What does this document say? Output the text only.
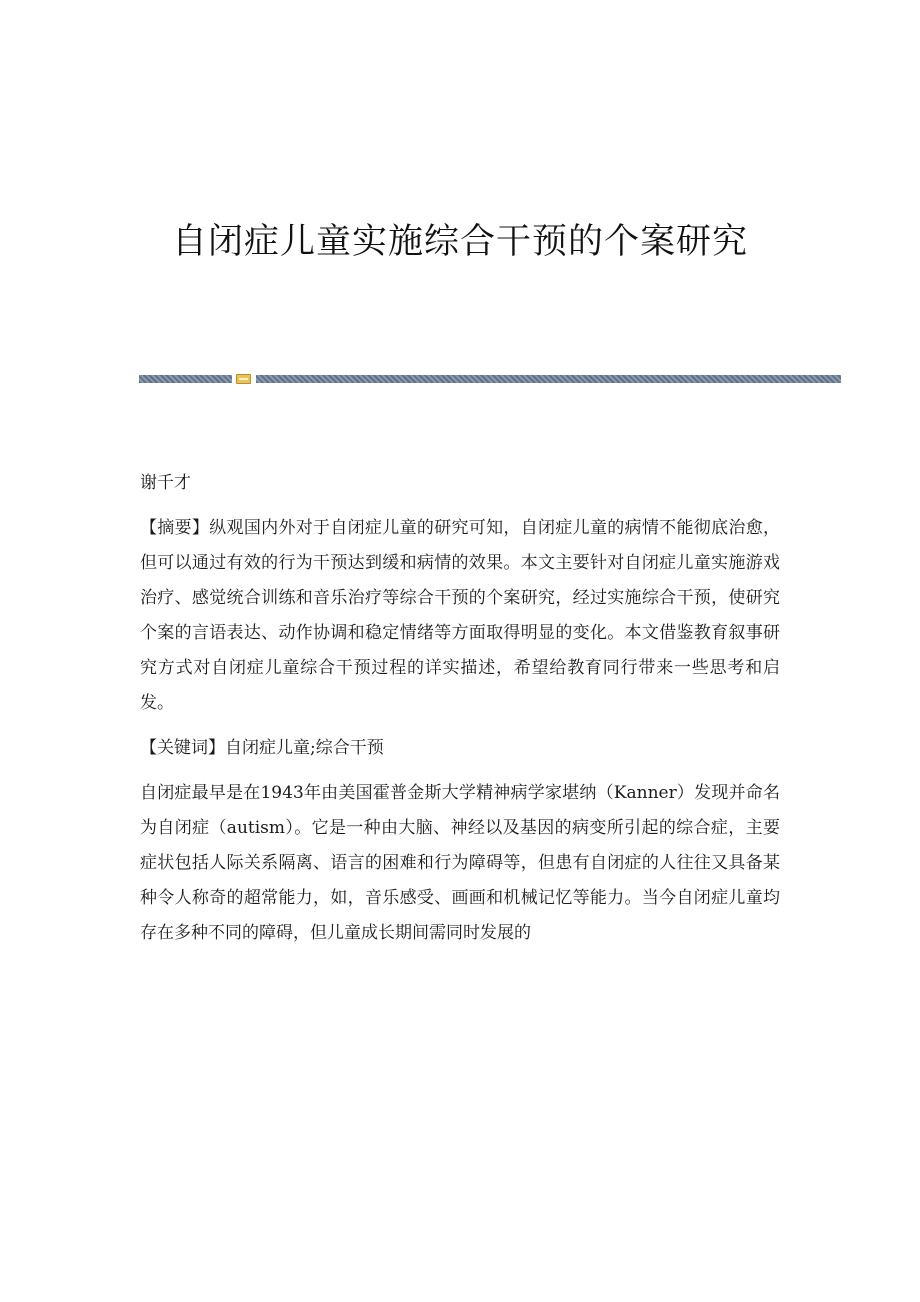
自闭症儿童实施综合干预的个案研究

谢千才

【摘要】纵观国内外对于自闭症儿童的研究可知，自闭症儿童的病情不能彻底治愈，但可以通过有效的行为干预达到缓和病情的效果。本文主要针对自闭症儿童实施游戏治疗、感觉统合训练和音乐治疗等综合干预的个案研究，经过实施综合干预，使研究个案的言语表达、动作协调和稳定情绪等方面取得明显的变化。本文借鉴教育叙事研究方式对自闭症儿童综合干预过程的详实描述，希望给教育同行带来一些思考和启发。

【关键词】自闭症儿童;综合干预

自闭症最早是在1943年由美国霍普金斯大学精神病学家堪纳（Kanner）发现并命名为自闭症（autism）。它是一种由大脑、神经以及基因的病变所引起的综合症，主要症状包括人际关系隔离、语言的困难和行为障碍等，但患有自闭症的人往往又具备某种令人称奇的超常能力，如，音乐感受、画画和机械记忆等能力。当今自闭症儿童均存在多种不同的障碍，但儿童成长期间需同时发展的
